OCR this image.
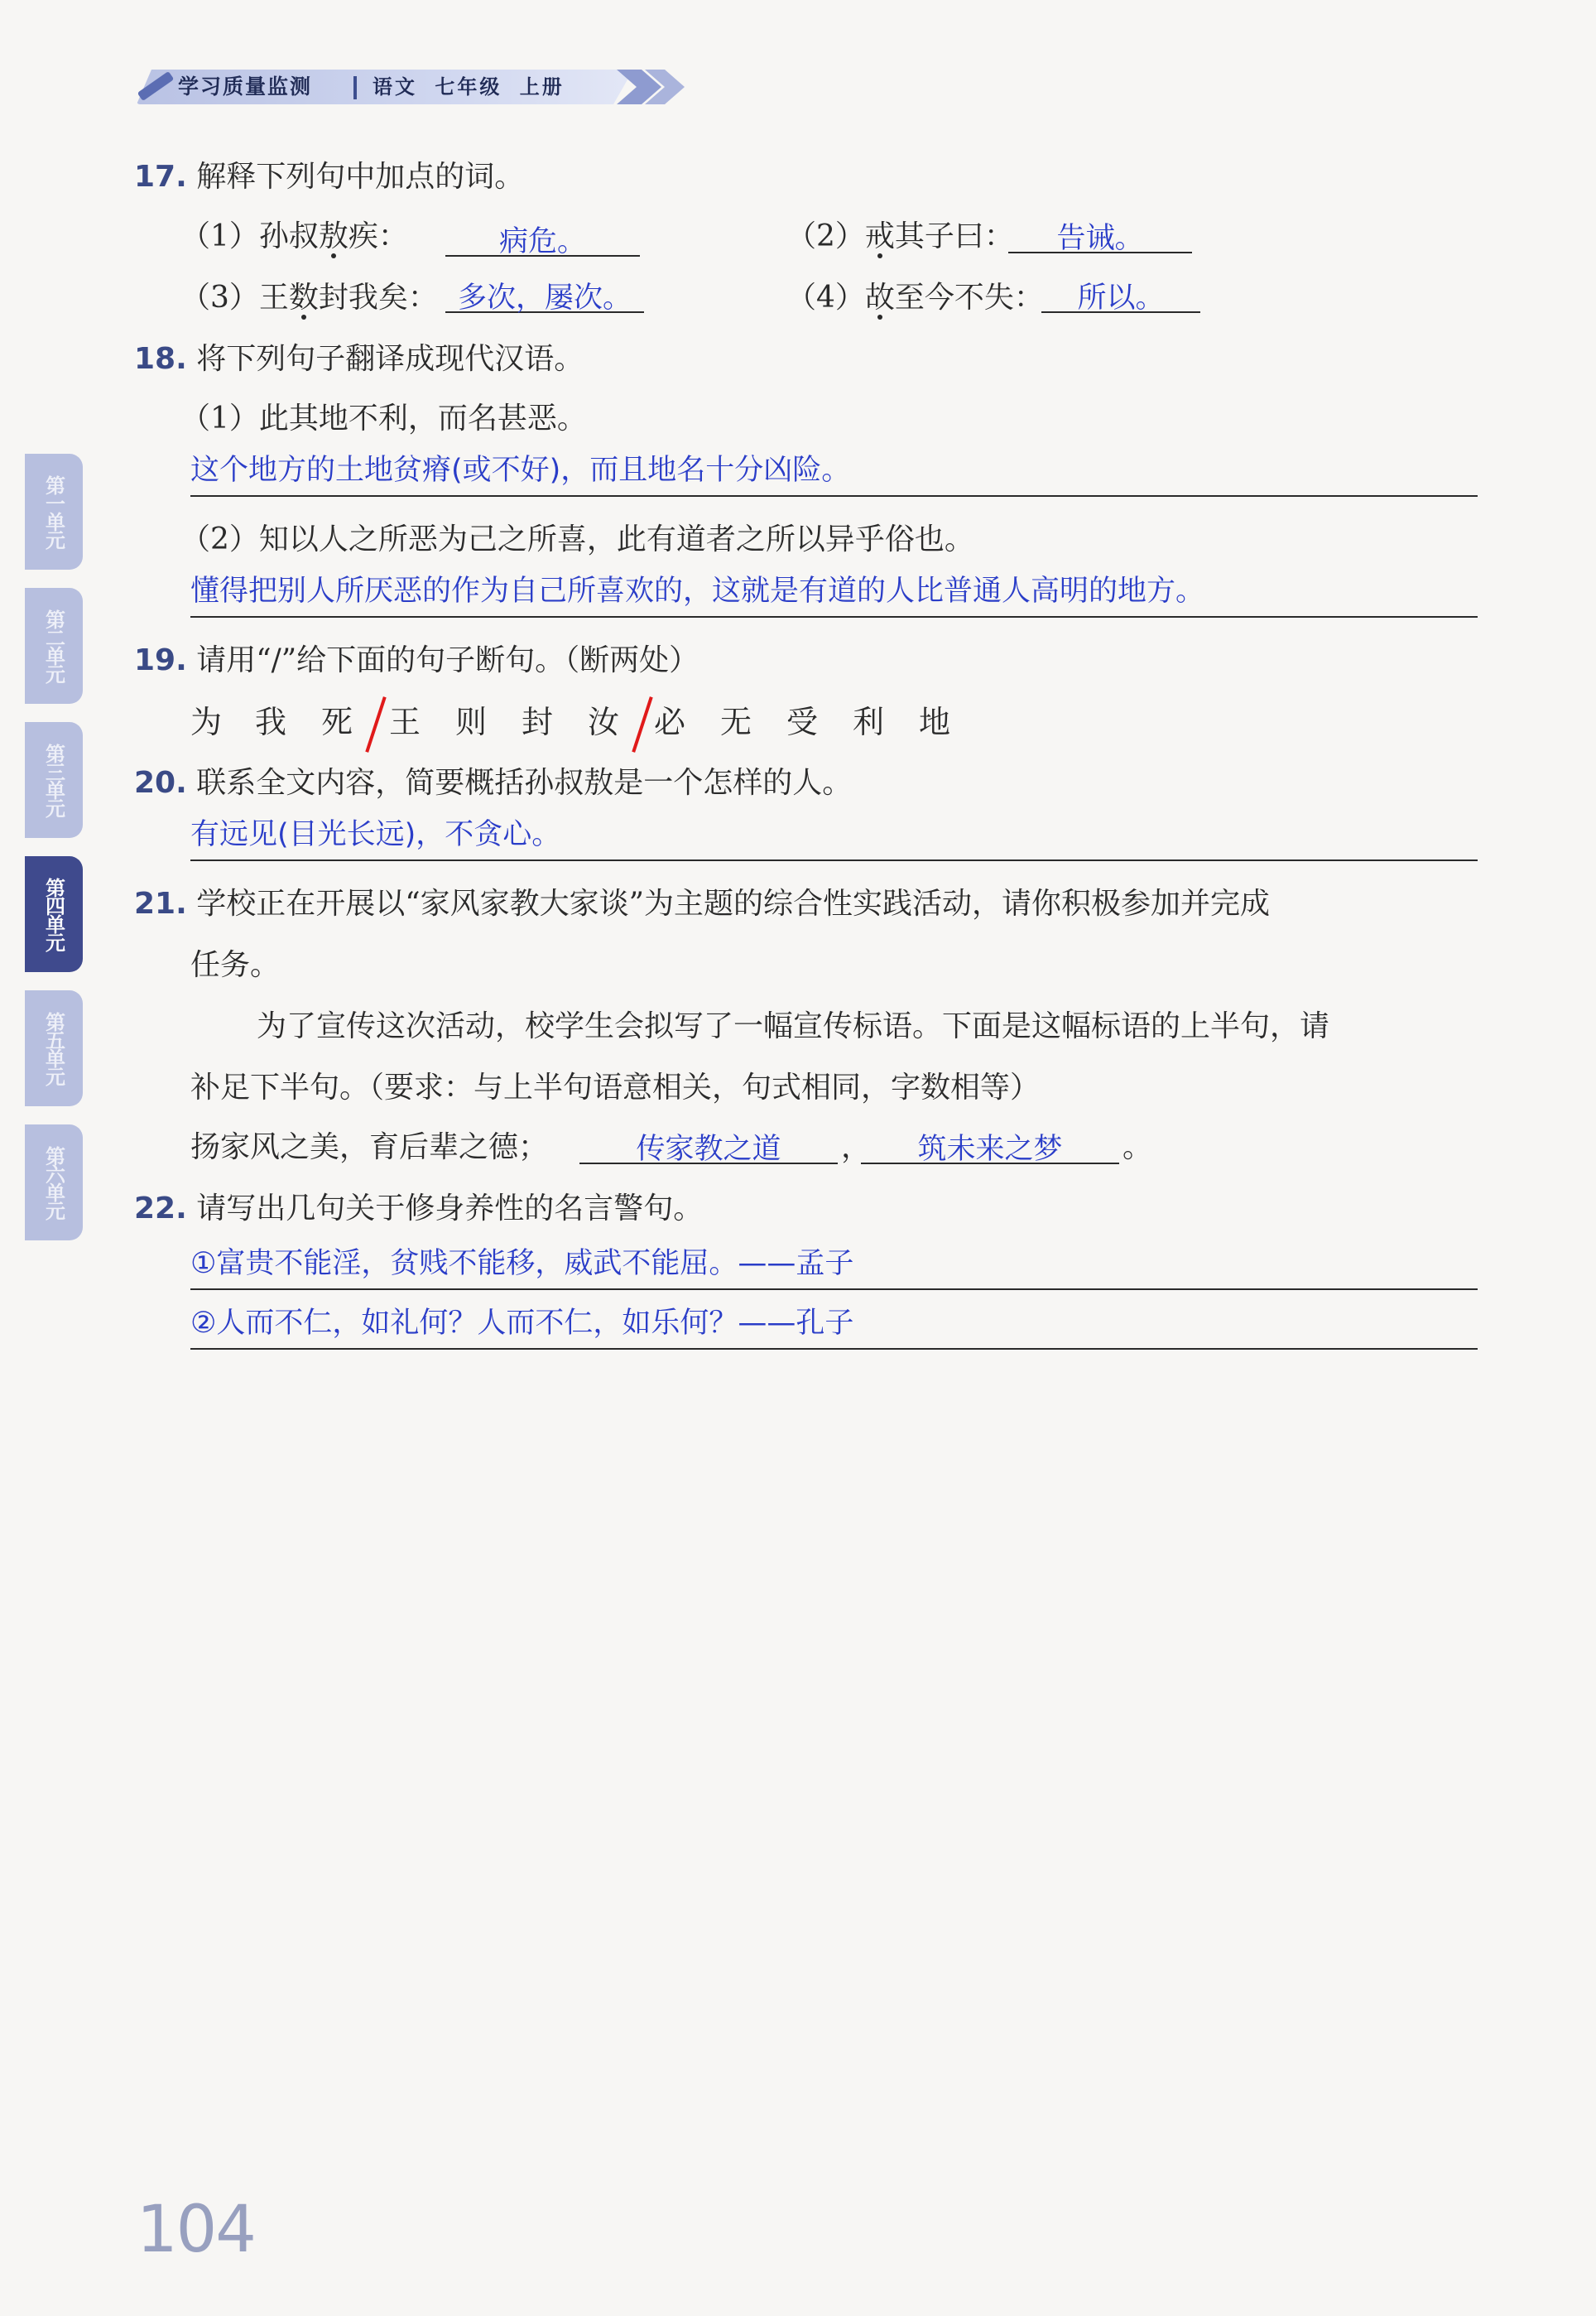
学习质量监测	语文 七年级 上册
第一单元
第二单元
第三单元
第四单元
第五单元
第六单元
17. 解释下列句中加点的词。
（1）孙叔敖疾：	病危。	（2）戒其子曰：	告诫。
（3）王数封我矣： 多次，屡次。	（4）故至今不失：	所以。
18. 将下列句子翻译成现代汉语。
（1）此其地不利，而名甚恶。
这个地方的土地贫瘠(或不好)，而且地名十分凶险。
（2）知以人之所恶为己之所喜，此有道者之所以异乎俗也。
懂得把别人所厌恶的作为自己所喜欢的，这就是有道的人比普通人高明的地方。
19. 请用“/”给下面的句子断句。（断两处）
为 我 死 王 则 封 汝 必 无 受 利 地
20. 联系全文内容，简要概括孙叔敖是一个怎样的人。
有远见(目光长远)，不贪心。
21. 学校正在开展以“家风家教大家谈”为主题的综合性实践活动，请你积极参加并完成
任务。
为了宣传这次活动，校学生会拟写了一幅宣传标语。下面是这幅标语的上半句，请
补足下半句。（要求：与上半句语意相关，句式相同，字数相等）
扬家风之美，育后辈之德；	传家教之道	，	筑未来之梦	。
22. 请写出几句关于修身养性的名言警句。
①富贵不能淫，贫贱不能移，威武不能屈。——孟子
②人而不仁，如礼何？人而不仁，如乐何？——孔子
104
